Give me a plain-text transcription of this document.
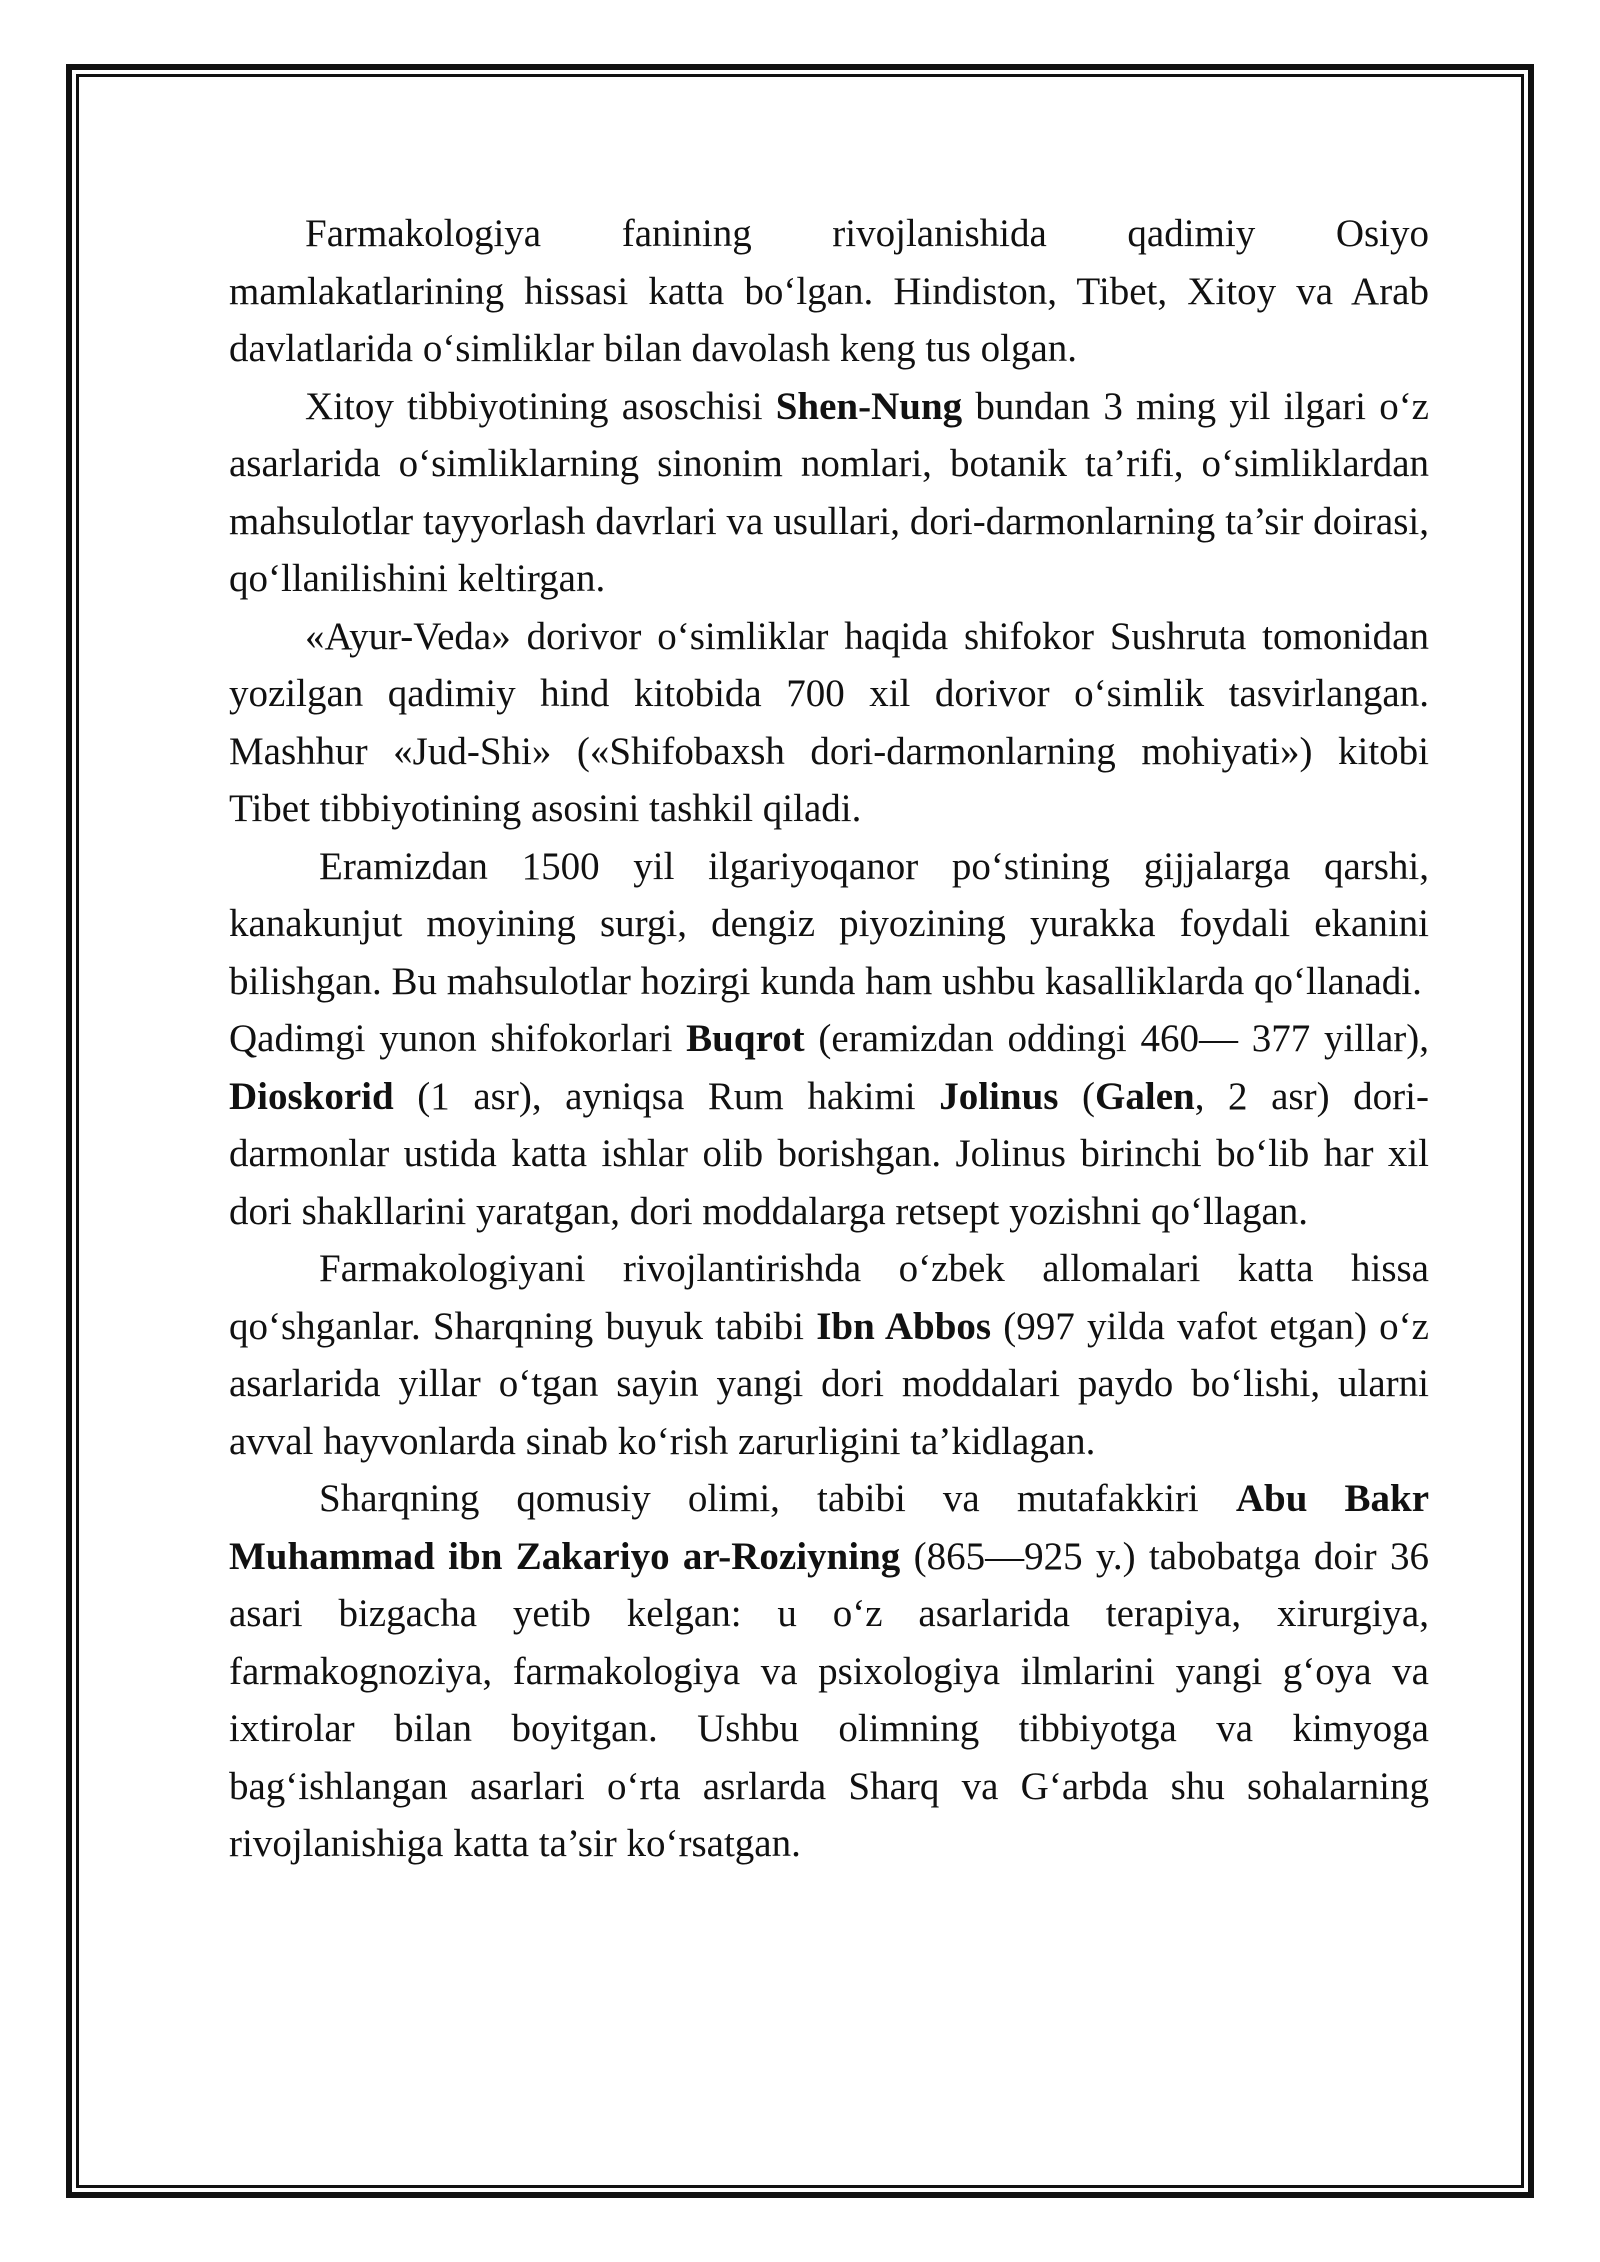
Farmakologiya fanining rivojlanishida qadimiy Osiyo mamlakatlarining hissasi katta bo‘lgan. Hindiston, Tibet, Xitoy va Arab davlatlarida o‘simliklar bilan davolash keng tus olgan.

Xitoy tibbiyotining asoschisi Shen-Nung bundan 3 ming yil ilgari o‘z asarlarida o‘simliklarning sinonim nomlari, botanik ta’rifi, o‘simliklardan mahsulotlar tayyorlash davrlari va usullari, dori-darmonlarning ta’sir doirasi, qo‘llanilishini keltirgan.

«Ayur-Veda» dorivor o‘simliklar haqida shifokor Sushruta tomonidan yozilgan qadimiy hind kitobida 700 xil dorivor o‘simlik tasvirlangan. Mashhur «Jud-Shi» («Shifobaxsh dori-darmonlarning mohiyati») kitobi Tibet tibbiyotining asosini tashkil qiladi.

Eramizdan 1500 yil ilgariyoqanor po‘stining gijjalarga qarshi, kanakunjut moyining surgi, dengiz piyozining yurakka foydali ekanini bilishgan. Bu mahsulotlar hozirgi kunda ham ushbu kasalliklarda qo‘llanadi.

Qadimgi yunon shifokorlari Buqrot (eramizdan oddingi 460— 377 yillar), Dioskorid (1 asr), ayniqsa Rum hakimi Jolinus (Galen, 2 asr) dori-darmonlar ustida katta ishlar olib borishgan. Jolinus birinchi bo‘lib har xil dori shakllarini yaratgan, dori moddalarga retsept yozishni qo‘llagan.

Farmakologiyani rivojlantirishda o‘zbek allomalari katta hissa qo‘shganlar. Sharqning buyuk tabibi Ibn Abbos (997 yilda vafot etgan) o‘z asarlarida yillar o‘tgan sayin yangi dori moddalari paydo bo‘lishi, ularni avval hayvonlarda sinab ko‘rish zarurligini ta’kidlagan.

Sharqning qomusiy olimi, tabibi va mutafakkiri Abu Bakr Muhammad ibn Zakariyo ar-Roziyning (865—925 y.) tabobatga doir 36 asari bizgacha yetib kelgan: u o‘z asarlarida terapiya, xirurgiya, farmakognoziya, farmakologiya va psixologiya ilmlarini yangi g‘oya va ixtirolar bilan boyitgan. Ushbu olimning tibbiyotga va kimyoga bag‘ishlangan asarlari o‘rta asrlarda Sharq va G‘arbda shu sohalarning rivojlanishiga katta ta’sir ko‘rsatgan.
